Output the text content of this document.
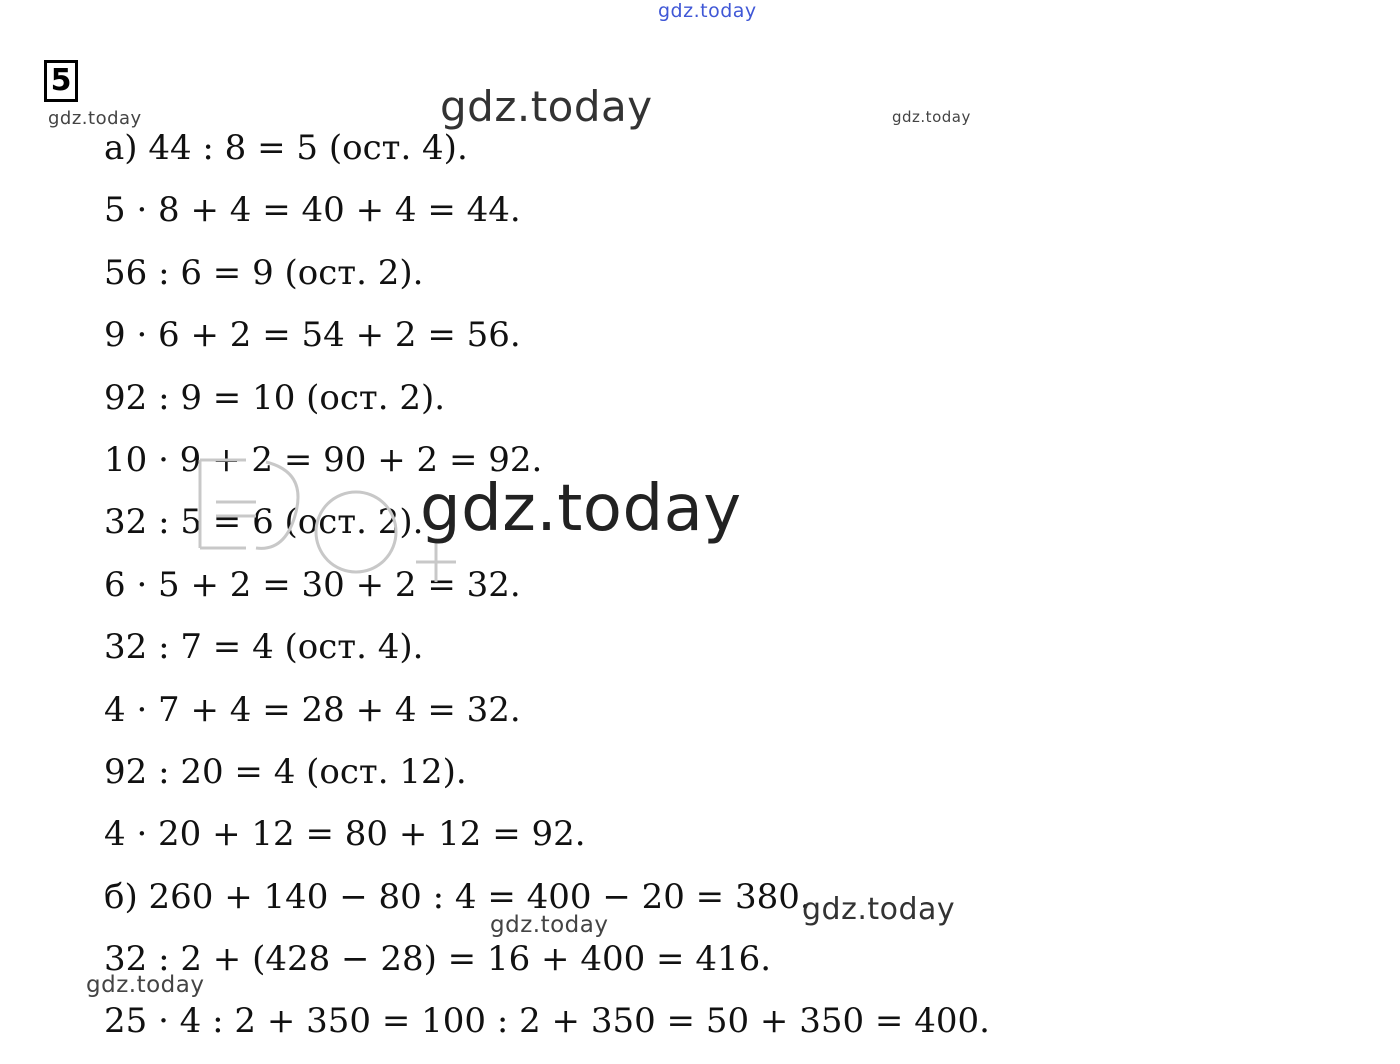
5
а) 44 : 8 = 5 (ост. 4).
5 · 8 + 4 = 40 + 4 = 44.
56 : 6 = 9 (ост. 2).
9 · 6 + 2 = 54 + 2 = 56.
92 : 9 = 10 (ост. 2).
10 · 9 + 2 = 90 + 2 = 92.
32 : 5 = 6 (ост. 2).
6 · 5 + 2 = 30 + 2 = 32.
32 : 7 = 4 (ост. 4).
4 · 7 + 4 = 28 + 4 = 32.
92 : 20 = 4 (ост. 12).
4 · 20 + 12 = 80 + 12 = 92.
б) 260 + 140 − 80 : 4 = 400 − 20 = 380.
32 : 2 + (428 − 28) = 16 + 400 = 416.
25 · 4 : 2 + 350 = 100 : 2 + 350 = 50 + 350 = 400.
gdz.today
gdz.today	gdz.today	gdz.today
gdz.today
gdz.today	gdz.today
gdz.today
